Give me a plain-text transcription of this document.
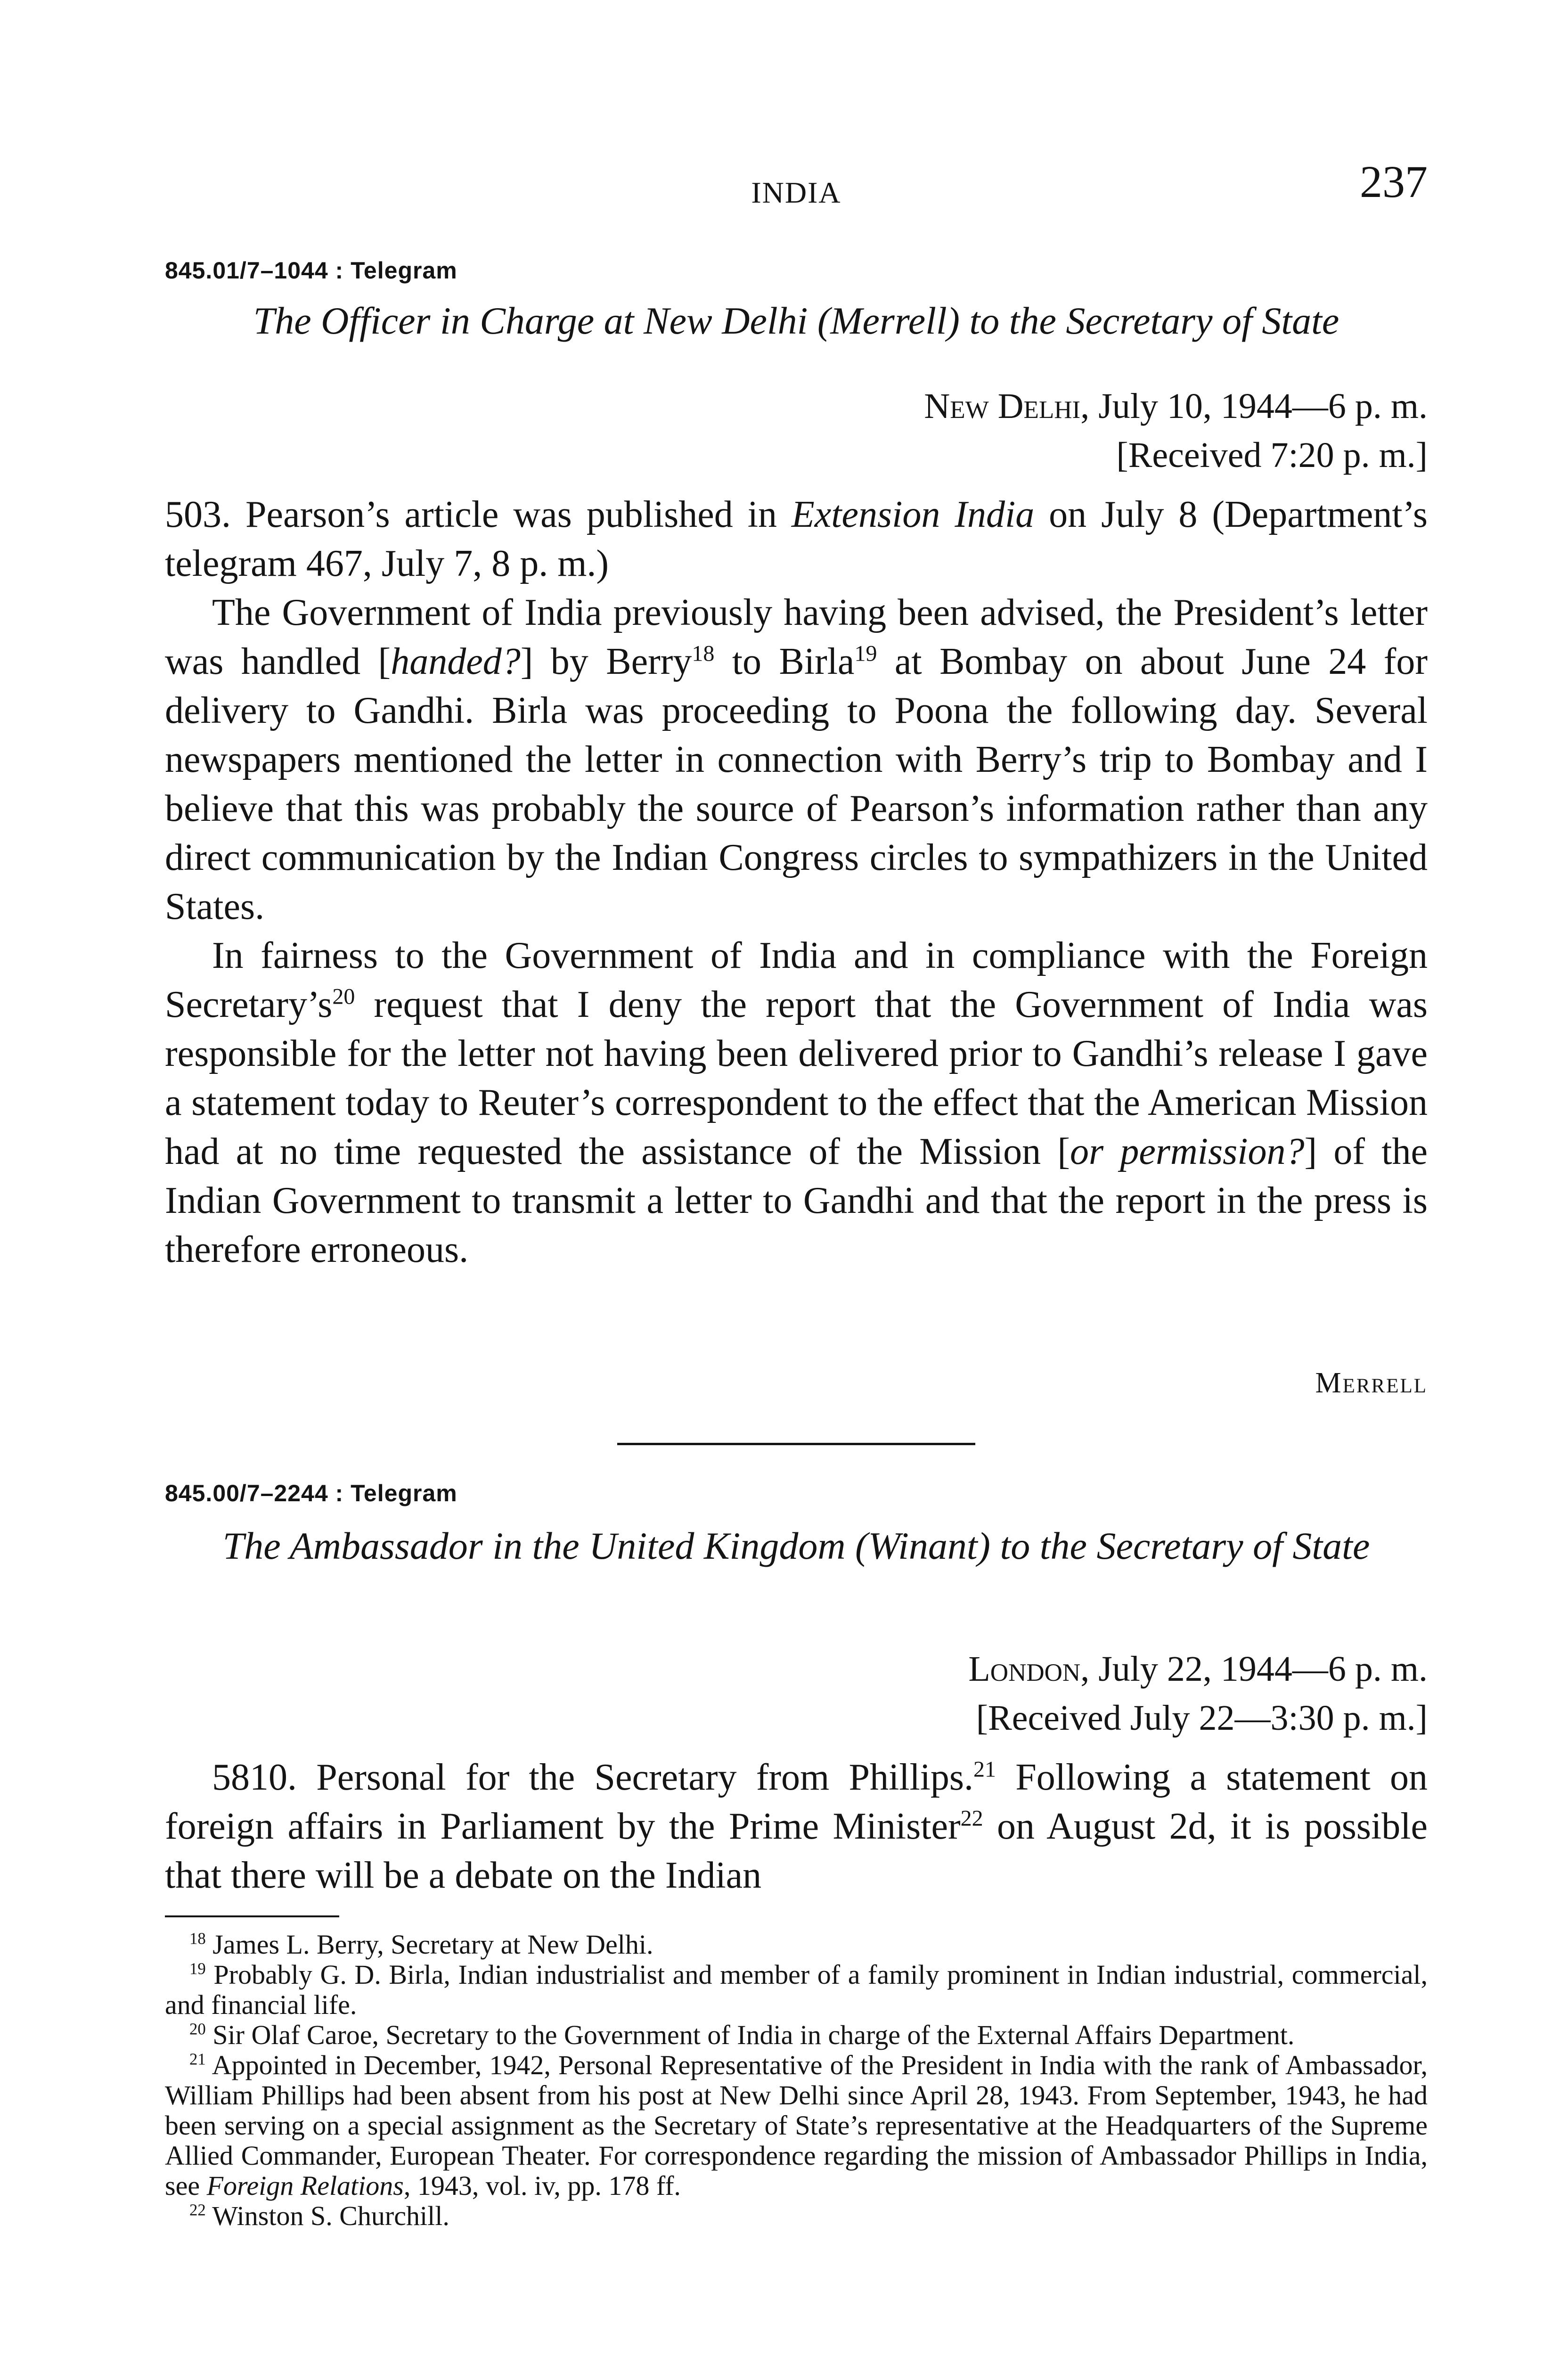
INDIA	237
845.01/7–1044 : Telegram
The Officer in Charge at New Delhi (Merrell) to the Secretary of State
New Delhi, July 10, 1944—6 p. m.
[Received 7:20 p. m.]

503. Pearson’s article was published in Extension India on July 8 (Department’s telegram 467, July 7, 8 p. m.)

The Government of India previously having been advised, the President’s letter was handled [handed?] by Berry$^{18}$ to Birla$^{19}$ at Bombay on about June 24 for delivery to Gandhi. Birla was proceeding to Poona the following day. Several newspapers mentioned the letter in connection with Berry’s trip to Bombay and I believe that this was probably the source of Pearson’s information rather than any direct communication by the Indian Congress circles to sympathizers in the United States.

In fairness to the Government of India and in compliance with the Foreign $Secretary’s^{20}$ request that I deny the report that the Government of India was responsible for the letter not having been delivered prior to Gandhi’s release I gave a statement today to Reuter’s correspondent to the effect that the American Mission had at no time requested the assistance of the Mission [or permission?] of the Indian Government to transmit a letter to Gandhi and that the report in the press is therefore erroneous.

Merrell
845.00/7–2244 : Telegram
The Ambassador in the United Kingdom (Winant) to the Secretary of State
London, July 22, 1944—6 p. m.
[Received July 22—3:30 p. m.]

5810. Personal for the Secretary from Phillips.$^{21}$ Following a statement on foreign affairs in Parliament by the Prime Minister$^{22}$ on August 2d, it is possible that there will be a debate on the Indian

$^{18}$ James L. Berry, Secretary at New Delhi.

$^{19}$ Probably G. D. Birla, Indian industrialist and member of a family prominent in Indian industrial, commercial, and financial life.

$^{20}$ Sir Olaf Caroe, Secretary to the Government of India in charge of the External Affairs Department.

$^{21}$ Appointed in December, 1942, Personal Representative of the President in India with the rank of Ambassador, William Phillips had been absent from his post at New Delhi since April 28, 1943. From September, 1943, he had been serving on a special assignment as the Secretary of State’s representative at the Headquarters of the Supreme Allied Commander, European Theater. For correspondence regarding the mission of Ambassador Phillips in India, see Foreign Relations, 1943, vol. iv, pp. 178 ff.

$^{22}$ Winston S. Churchill.
